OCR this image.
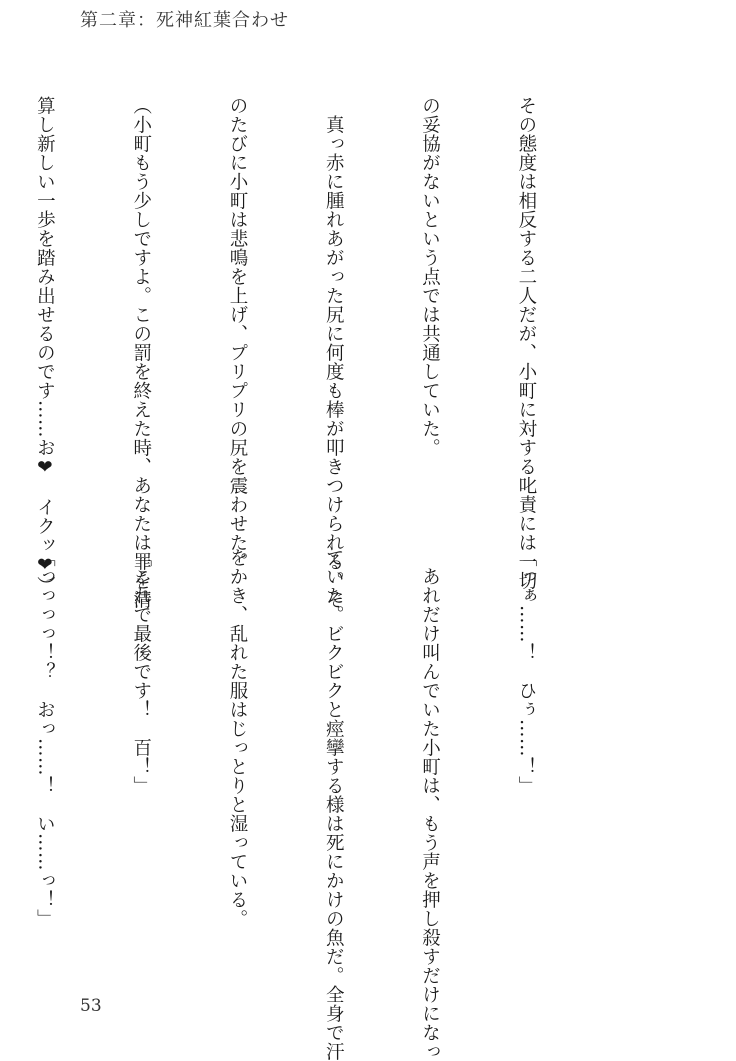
第二章：死神紅葉合わせ

その態度は相反する二人だが、小町に対する叱責には一切

の妥協がないという点では共通していた。

　真っ赤に腫れあがった尻に何度も棒が叩きつけられる。そ

のたびに小町は悲鳴を上げ、プリプリの尻を震わせた。

（小町もう少しですよ。この罰を終えた時、あなたは罪を清

算し新しい一歩を踏み出せるのです……お❤　イクッ❤）

「っぁ……！　ひぅ……！」

　あれだけ叫んでいた小町は、もう声を押し殺すだけになっ

ていた。ビクビクと痙攣する様は死にかけの魚だ。全身で汗

をかき、乱れた服はじっとりと湿っている。

「これで最後です！　百！」

「っっっっ！？　おっ……！　い……っ！」

53
